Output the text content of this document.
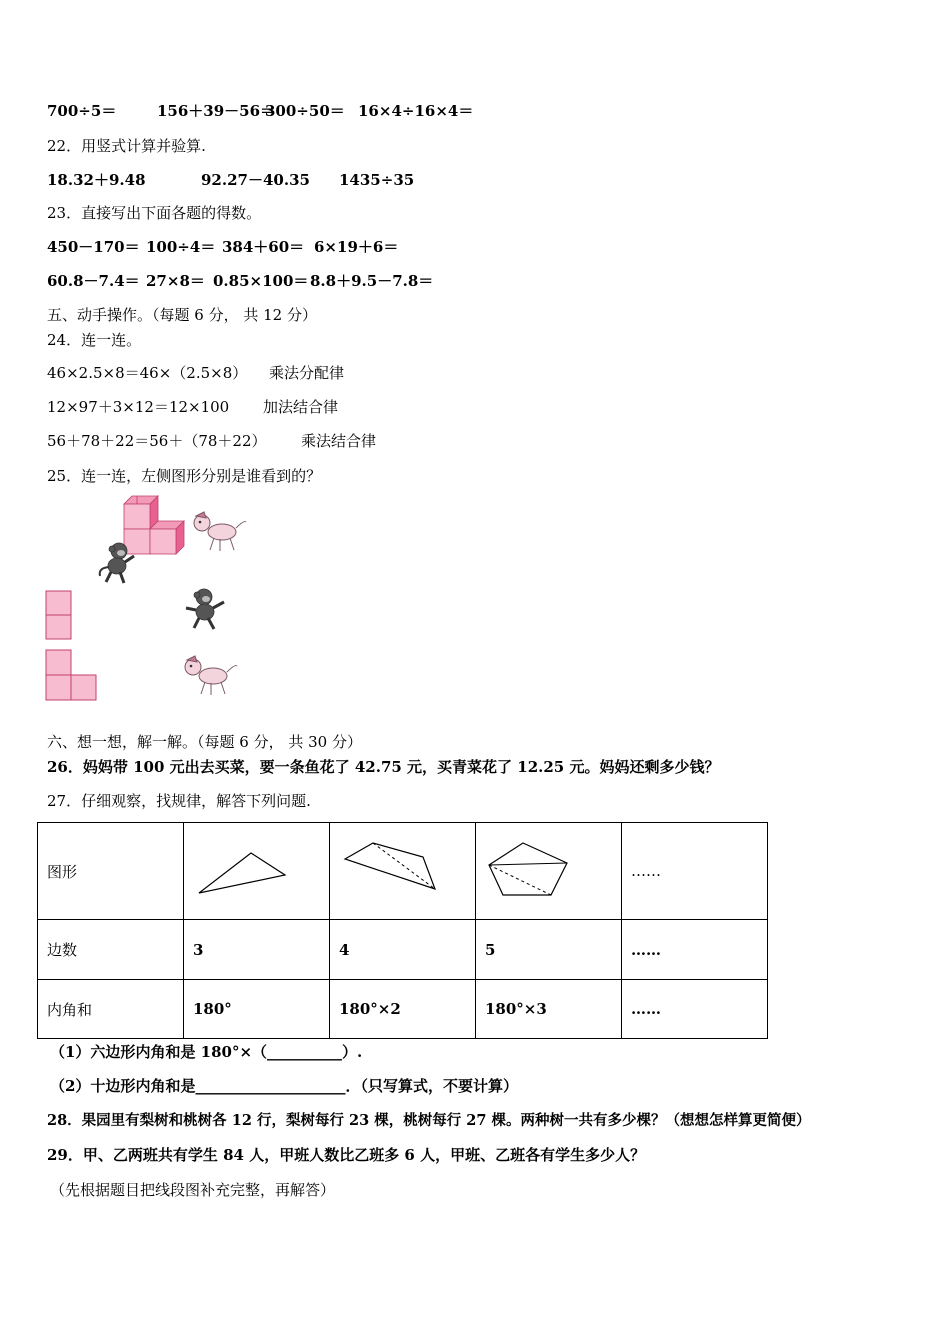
700÷5＝	156＋39－56＝300÷50＝ 16×4÷16×4＝
22．用竖式计算并验算.
18.32＋9.48	92.27－40.35 1435÷35
23．直接写出下面各题的得数。
450－170＝ 100÷4＝ 384＋60＝ 6×19＋6＝
60.8－7.4＝ 27×8＝ 0.85×100＝ 8.8＋9.5－7.8＝
五、动手操作。（每题 6 分， 共 12 分）
24．连一连。
46×2.5×8＝46×（2.5×8） 乘法分配律
12×97＋3×12＝12×100 加法结合律
56＋78＋22＝56＋（78＋22） 乘法结合律
25．连一连，左侧图形分别是谁看到的？
六、想一想，解一解。（每题 6 分， 共 30 分）
26．妈妈带 100 元出去买菜，要一条鱼花了 42.75 元，买青菜花了 12.25 元。妈妈还剩多少钱？
27．仔细观察，找规律，解答下列问题.
图形				……
边数	3	4	5	……
内角和	180°	180°×2	180°×3	……
（1）六边形内角和是 180°×（__________）.
（2）十边形内角和是____________________．（只写算式，不要计算）
28．果园里有梨树和桃树各 12 行，梨树每行 23 棵，桃树每行 27 棵。两种树一共有多少棵？（想想怎样算更简便）
29．甲、乙两班共有学生 84 人，甲班人数比乙班多 6 人，甲班、乙班各有学生多少人？
（先根据题目把线段图补充完整，再解答）
